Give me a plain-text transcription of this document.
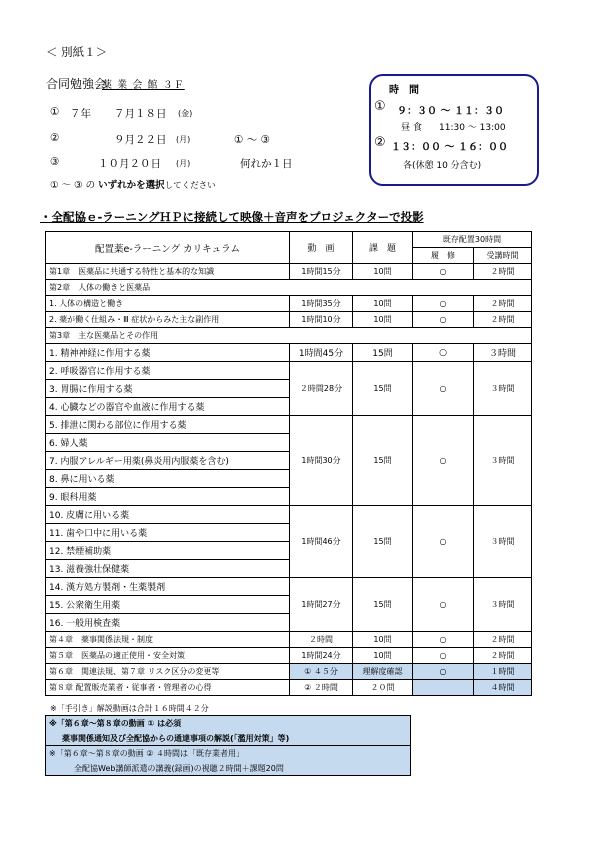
＜ 別紙１＞
合同勉強会
薬 業 会 館 ３Ｆ
① ７年 ７月１８日 (金)
②	９月２２日 (月)	① ～ ③
③	１０月２０日 (月)	何れか１日
① ～ ③ の いずれかを選択してください
時　間
① ９：３０ ～ １１：３０
昼 食 11:30 ～ 13:00
② １３：００ ～ １６：００
各(休憩 10 分含む)
・全配協ｅ-ラーニングＨＰに接続して映像＋音声をプロジェクターで投影
配置薬e-ラーニング カリキュラム	動　画	課　題	既存配置30時間	
			履　修	受講時間
第1章　医薬品に共通する特性と基本的な知識	1時間15分	10問	○	２時間
第2章　人体の働きと医薬品				
1. 人体の構造と働き	1時間35分	10問	○	２時間
2. 薬が働く仕組み・Ⅲ 症状からみた主な副作用	1時間10分	10問	○	２時間
第3章　主な医薬品とその作用				
1. 精神神経に作用する薬	1時間45分	15問	○	３時間
2. 呼吸器官に作用する薬	２時間28分	15問	○	３時間
3. 胃腸に作用する薬				
4. 心臓などの器官や血液に作用する薬				
5. 排泄に関わる部位に作用する薬	1時間30分	15問	○	３時間
6. 婦人薬				
7. 内服アレルギー用薬(鼻炎用内服薬を含む)				
8. 鼻に用いる薬				
9. 眼科用薬				
10. 皮膚に用いる薬	1時間46分	15問	○	３時間
11. 歯や口中に用いる薬				
12. 禁煙補助薬				
13. 滋養強壮保健薬				
14. 漢方処方製剤・生薬製剤	1時間27分	15問	○	３時間
15. 公衆衛生用薬				
16. 一般用検査薬				
第４章　薬事関係法規・制度	２時間	10問	○	２時間
第５章　医薬品の適正使用・安全対策	1時間24分	10問	○	２時間
第６章　関連法規、第７章 リスク区分の変更等	① ４５分	理解度確認	○	１時間
第８章 配置販売業者・従事者・管理者の心得	② ２時間	２０問		４時間
※「手引き」解説動画は合計１６時間４２分
※「第６章～第８章の動画 ① は必須
薬事関係通知及び全配協からの通達事項の解説(「濫用対策」等)
※「第６章～第８章の動画 ② ４時間は「既存業者用」
全配協Web講師派遣の講義(録画)の視聴２時間＋課題20問
